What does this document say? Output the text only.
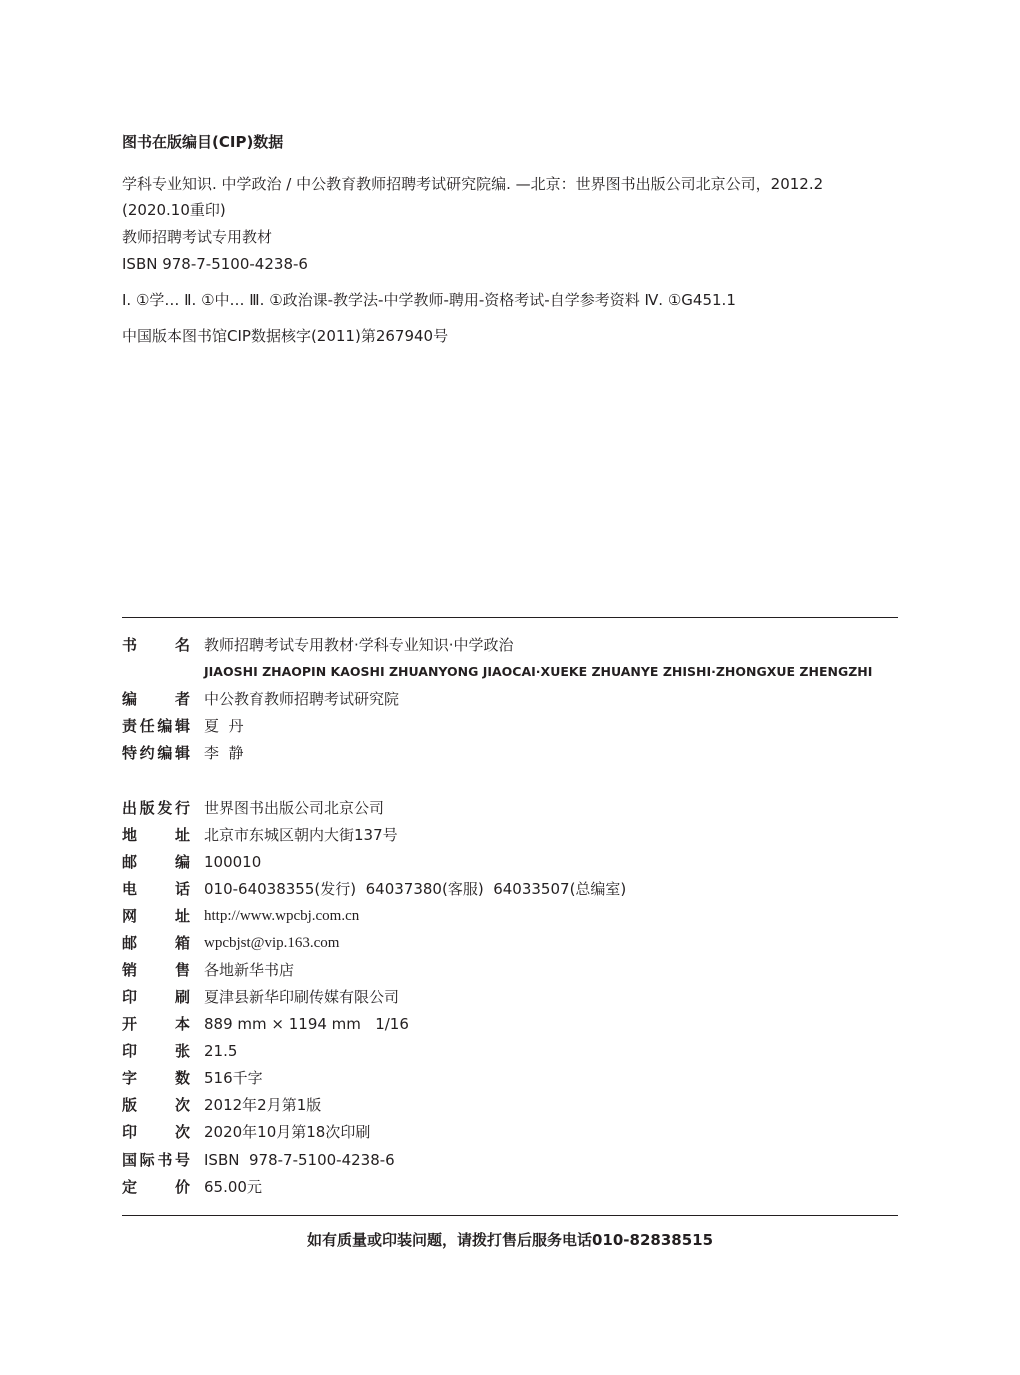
图书在版编目(CIP)数据
学科专业知识. 中学政治 / 中公教育教师招聘考试研究院编. —北京：世界图书出版公司北京公司，2012.2
(2020.10重印)
教师招聘考试专用教材
ISBN 978-7-5100-4238-6
Ⅰ. ①学… Ⅱ. ①中… Ⅲ. ①政治课-教学法-中学教师-聘用-资格考试-自学参考资料 Ⅳ. ①G451.1
中国版本图书馆CIP数据核字(2011)第267940号
书	名 教师招聘考试专用教材·学科专业知识·中学政治
JIAOSHI ZHAOPIN KAOSHI ZHUANYONG JIAOCAI·XUEKE ZHUANYE ZHISHI·ZHONGXUE ZHENGZHI
编	者 中公教育教师招聘考试研究院
责 任 编 辑 夏  丹
特 约 编 辑 李  静
出 版 发 行 世界图书出版公司北京公司
地	址 北京市东城区朝内大街137号
邮	编 100010
电	话 010-64038355(发行)  64037380(客服)  64033507(总编室)
网	址 http://www.wpcbj.com.cn
邮	箱 wpcbjst@vip.163.com
销	售 各地新华书店
印	刷 夏津县新华印刷传媒有限公司
开	本 889 mm × 1194 mm   1/16
印	张 21.5
字	数 516千字
版	次 2012年2月第1版
印	次 2020年10月第18次印刷
国 际 书 号 ISBN  978-7-5100-4238-6
定	价 65.00元
如有质量或印装问题，请拨打售后服务电话010-82838515
